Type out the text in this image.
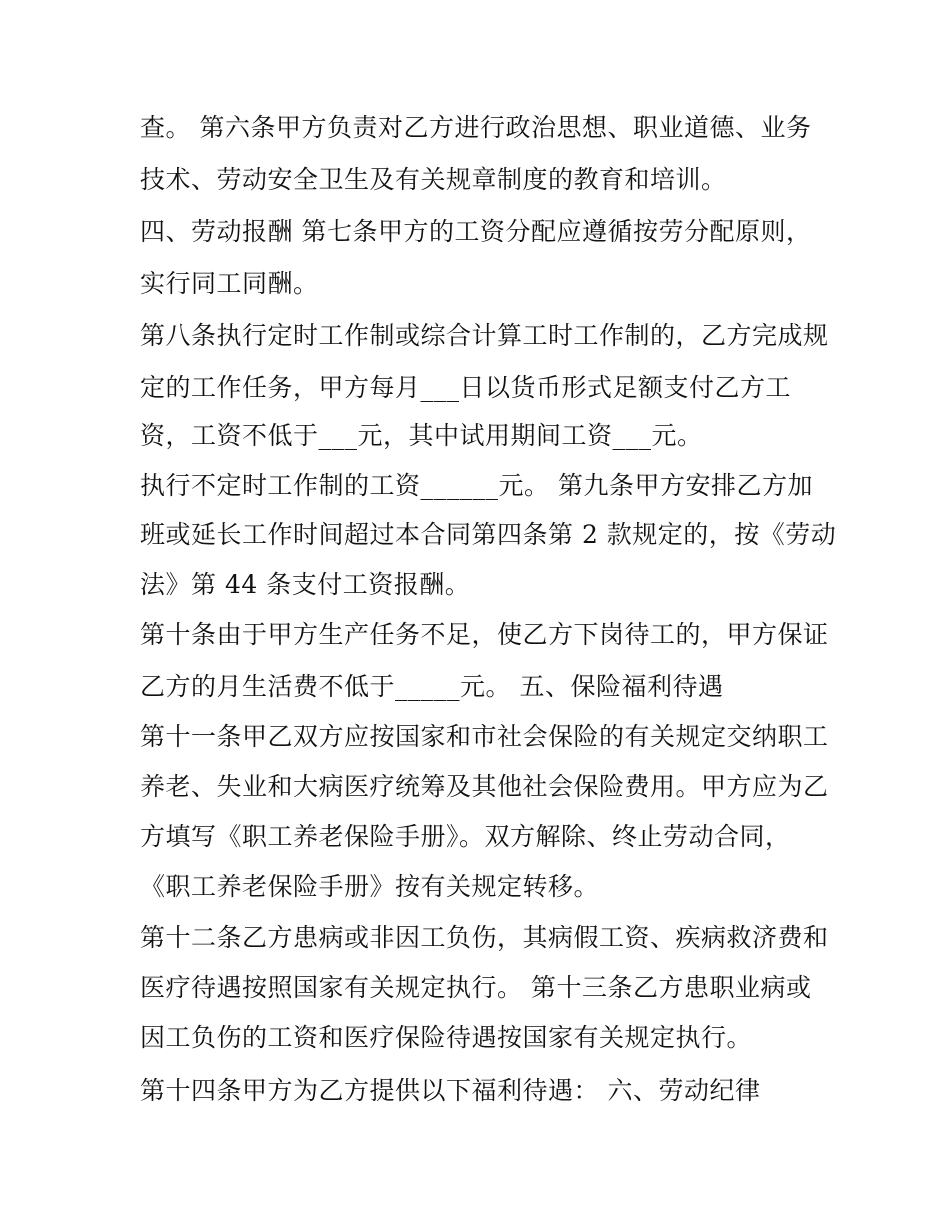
查。 第六条甲方负责对乙方进行政治思想、职业道德、业务
技术、劳动安全卫生及有关规章制度的教育和培训。
四、劳动报酬 第七条甲方的工资分配应遵循按劳分配原则，
实行同工同酬。
第八条执行定时工作制或综合计算工时工作制的，乙方完成规
定的工作任务，甲方每月___日以货币形式足额支付乙方工
资，工资不低于___元，其中试用期间工资___元。
执行不定时工作制的工资______元。 第九条甲方安排乙方加
班或延长工作时间超过本合同第四条第 2 款规定的，按《劳动
法》第 44 条支付工资报酬。
第十条由于甲方生产任务不足，使乙方下岗待工的，甲方保证
乙方的月生活费不低于_____元。 五、保险福利待遇
第十一条甲乙双方应按国家和市社会保险的有关规定交纳职工
养老、失业和大病医疗统筹及其他社会保险费用。甲方应为乙
方填写《职工养老保险手册》。双方解除、终止劳动合同，
《职工养老保险手册》按有关规定转移。
第十二条乙方患病或非因工负伤，其病假工资、疾病救济费和
医疗待遇按照国家有关规定执行。 第十三条乙方患职业病或
因工负伤的工资和医疗保险待遇按国家有关规定执行。
第十四条甲方为乙方提供以下福利待遇： 六、劳动纪律
